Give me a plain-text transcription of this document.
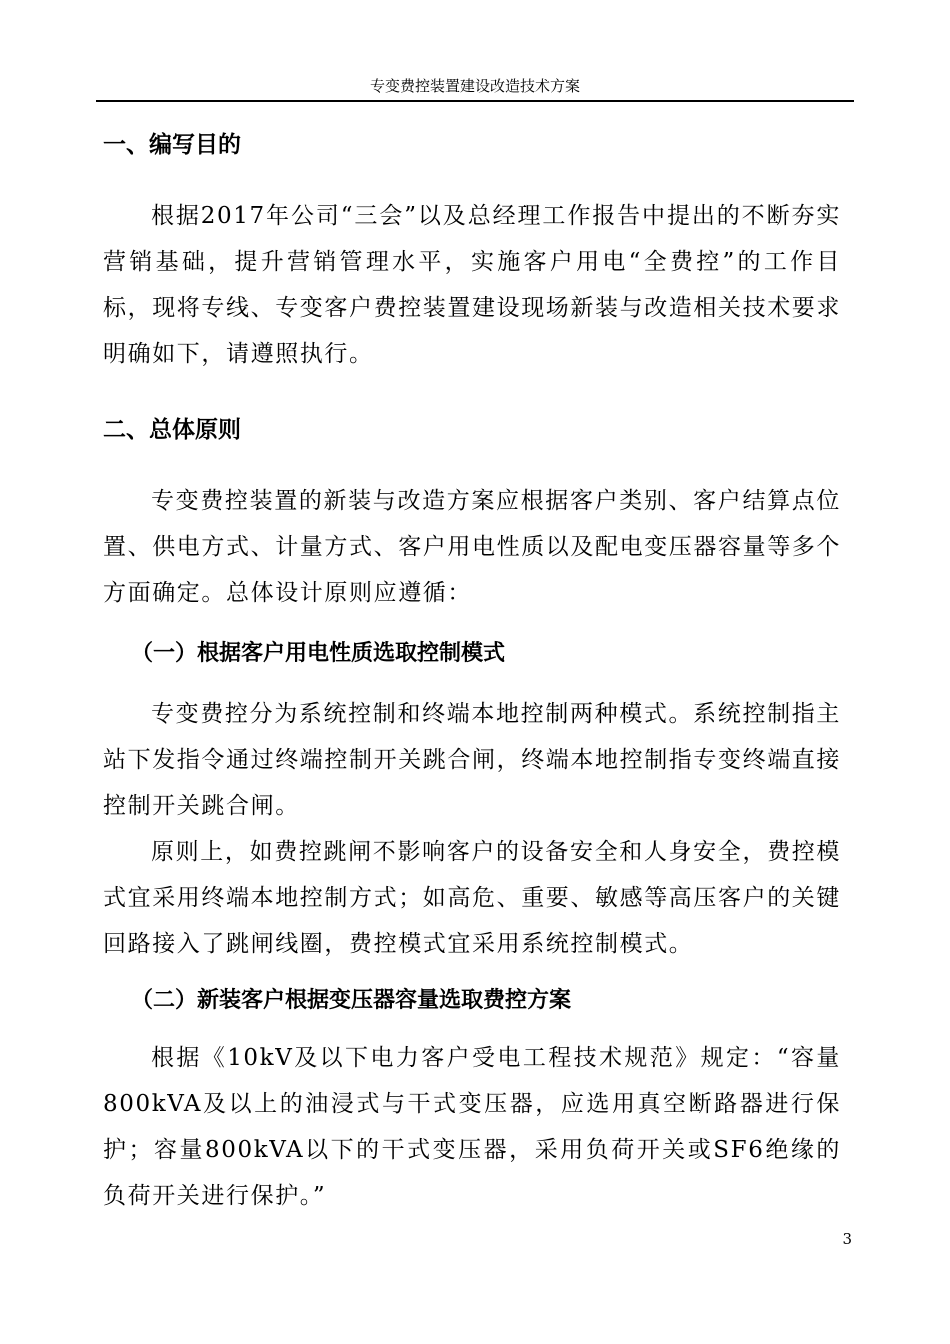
专变费控装置建设改造技术方案
一、编写目的

根据2017年公司“三会”以及总经理工作报告中提出的不断夯实营销基础，提升营销管理水平，实施客户用电“全费控”的工作目标，现将专线、专变客户费控装置建设现场新装与改造相关技术要求明确如下，请遵照执行。

二、总体原则

专变费控装置的新装与改造方案应根据客户类别、客户结算点位置、供电方式、计量方式、客户用电性质以及配电变压器容量等多个方面确定。总体设计原则应遵循：

（一）根据客户用电性质选取控制模式

专变费控分为系统控制和终端本地控制两种模式。系统控制指主站下发指令通过终端控制开关跳合闸，终端本地控制指专变终端直接控制开关跳合闸。

原则上，如费控跳闸不影响客户的设备安全和人身安全，费控模式宜采用终端本地控制方式；如高危、重要、敏感等高压客户的关键回路接入了跳闸线圈，费控模式宜采用系统控制模式。

（二）新装客户根据变压器容量选取费控方案

根据《10kV及以下电力客户受电工程技术规范》规定：“容量800kVA及以上的油浸式与干式变压器，应选用真空断路器进行保护；容量800kVA以下的干式变压器，采用负荷开关或SF6绝缘的负荷开关进行保护。”

3
